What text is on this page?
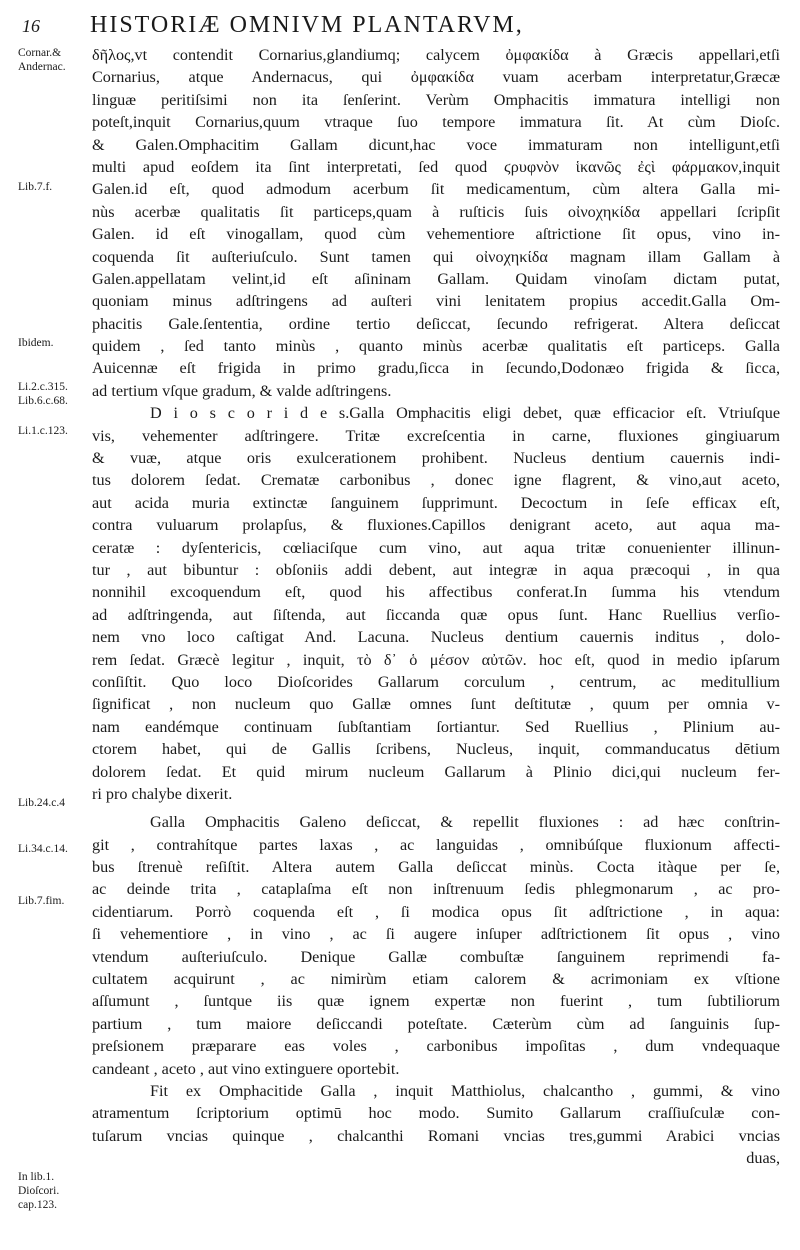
16 HISTORIÆ OMNIVM PLANTARVM,
Cornar.&
Andernac.
Lib.7.f.
Ibidem.
Li.2.c.315.
Lib.6.c.68.
Li.1.c.123.
Lib.24.c.4
Li.34.c.14.
Lib.7.fim.
In lib.1.
Dioſcori.
cap.123.
δῆλος,vt contendit Cornarius,glandiumq; calycem ὀμφακίδα à Græcis appellari,etſi
Cornarius, atque Andernacus, qui ὀμφακίδα vuam acerbam interpretatur,Græcæ
linguæ peritiſsimi non ita ſenſerint. Verùm Omphacitis immatura intelligi non
poteſt,inquit Cornarius,quum vtraque ſuo tempore immatura ſit. At cùm Dioſc.
& Galen.Omphacitim Gallam dicunt,hac voce immaturam non intelligunt,etſi
multi apud eoſdem ita ſint interpretati, ſed quod ϛρυφνὸν ἱκανῶς ἐςὶ φάρμακον,inquit
Galen.id eſt, quod admodum acerbum ſit medicamentum, cùm altera Galla mi-
nùs acerbæ qualitatis ſit particeps,quam à ruſticis ſuis οἰνοχηκίδα appellari ſcripſit
Galen. id eſt vinogallam, quod cùm vehementiore aſtrictione ſit opus, vino in-
coquenda ſit auſteriuſculo. Sunt tamen qui οἰνοχηκίδα magnam illam Gallam à
Galen.appellatam velint,id eſt aſininam Gallam. Quidam vinoſam dictam putat,
quoniam minus adſtringens ad auſteri vini lenitatem propius accedit.Galla Om-
phacitis Gale.ſententia, ordine tertio deſiccat, ſecundo refrigerat. Altera deſiccat
quidem , ſed tanto minùs , quanto minùs acerbæ qualitatis eſt particeps. Galla
Auicennæ eſt frigida in primo gradu,ſicca in ſecundo,Dodonæo frigida & ſicca,
ad tertium vſque gradum, & valde adſtringens.
D i o s c o r i d e s.Galla Omphacitis eligi debet, quæ efficacior eſt. Vtriuſque
vis, vehementer adſtringere. Tritæ excreſcentia in carne, fluxiones gingiuarum
& vuæ, atque oris exulcerationem prohibent. Nucleus dentium cauernis indi-
tus dolorem ſedat. Crematæ carbonibus , donec igne flagrent, & vino,aut aceto,
aut acida muria extinctæ ſanguinem ſupprimunt. Decoctum in ſeſe efficax eſt,
contra vuluarum prolapſus, & fluxiones.Capillos denigrant aceto, aut aqua ma-
ceratæ : dyſentericis, cœliaciſque cum vino, aut aqua tritæ conuenienter illinun-
tur , aut bibuntur : obſoniis addi debent, aut integræ in aqua præcoqui , in qua
nonnihil excoquendum eſt, quod his affectibus conferat.In ſumma his vtendum
ad adſtringenda, aut ſiſtenda, aut ſiccanda quæ opus ſunt. Hanc Ruellius verſio-
nem vno loco caſtigat And. Lacuna. Nucleus dentium cauernis inditus , dolo-
rem ſedat. Græcè legitur , inquit, τὸ δ᾽ ὁ μέσον αὐτῶν. hoc eſt, quod in medio ipſarum
conſiſtit. Quo loco Dioſcorides Gallarum corculum , centrum, ac meditullium
ſignificat , non nucleum quo Gallæ omnes ſunt deſtitutæ , quum per omnia v-
nam eandémque continuam ſubſtantiam ſortiantur. Sed Ruellius , Plinium au-
ctorem habet, qui de Gallis ſcribens, Nucleus, inquit, commanducatus dētium
dolorem ſedat. Et quid mirum nucleum Gallarum à Plinio dici,qui nucleum fer-
ri pro chalybe dixerit.
Galla Omphacitis Galeno deſiccat, & repellit fluxiones : ad hæc conſtrin-
git , contrahítque partes laxas , ac languidas , omnibúſque fluxionum affecti-
bus ſtrenuè reſiſtit. Altera autem Galla deſiccat minùs. Cocta itàque per ſe,
ac deinde trita , cataplaſma eſt non inſtrenuum ſedis phlegmonarum , ac pro-
cidentiarum. Porrò coquenda eſt , ſi modica opus ſit adſtrictione , in aqua:
ſi vehementiore , in vino , ac ſi augere inſuper adſtrictionem ſit opus , vino
vtendum auſteriuſculo. Denique Gallæ combuſtæ ſanguinem reprimendi fa-
cultatem acquirunt , ac nimirùm etiam calorem & acrimoniam ex vſtione
aſſumunt , ſuntque iis quæ ignem expertæ non fuerint , tum ſubtiliorum
partium , tum maiore deſiccandi poteſtate. Cæterùm cùm ad ſanguinis ſup-
preſsionem præparare eas voles , carbonibus impoſitas , dum vndequaque
candeant , aceto , aut vino extinguere oportebit.
Fit ex Omphacitide Galla , inquit Matthiolus, chalcantho , gummi, & vino
atramentum ſcriptorium optimū hoc modo. Sumito Gallarum craſſiuſculæ con-
tuſarum vncias quinque , chalcanthi Romani vncias tres,gummi Arabici vncias
duas,
